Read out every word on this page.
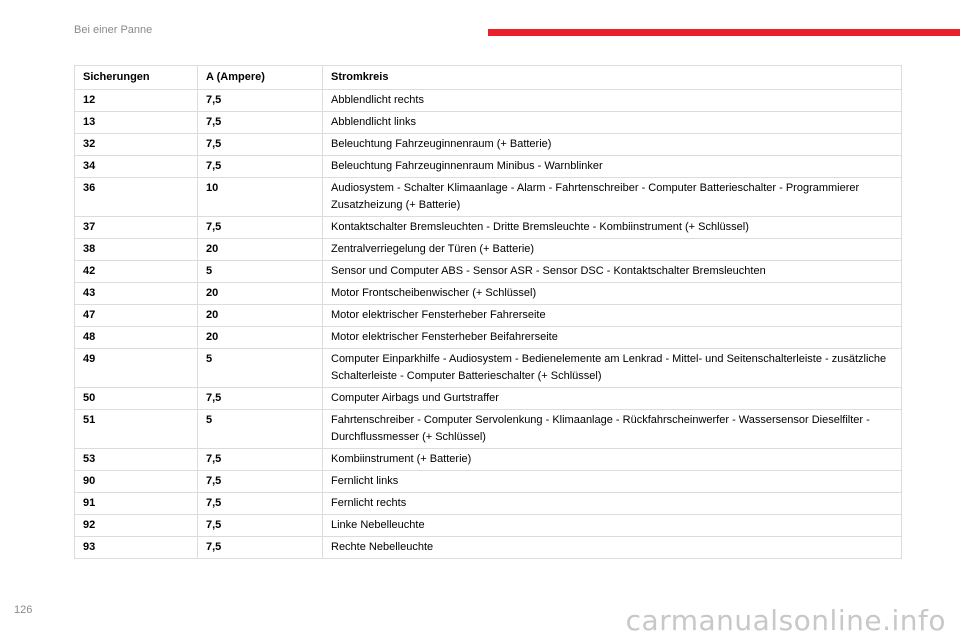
Bei einer Panne
Sicherungen	A (Ampere)	Stromkreis
12	7,5	Abblendlicht rechts
13	7,5	Abblendlicht links
32	7,5	Beleuchtung Fahrzeuginnenraum (+ Batterie)
34	7,5	Beleuchtung Fahrzeuginnenraum Minibus - Warnblinker
36	10	Audiosystem - Schalter Klimaanlage - Alarm - Fahrtenschreiber - Computer Batterieschalter - Programmierer Zusatzheizung (+ Batterie)
37	7,5	Kontaktschalter Bremsleuchten - Dritte Bremsleuchte - Kombiinstrument (+ Schlüssel)
38	20	Zentralverriegelung der Türen (+ Batterie)
42	5	Sensor und Computer ABS - Sensor ASR - Sensor DSC - Kontaktschalter Bremsleuchten
43	20	Motor Frontscheibenwischer (+ Schlüssel)
47	20	Motor elektrischer Fensterheber Fahrerseite
48	20	Motor elektrischer Fensterheber Beifahrerseite
49	5	Computer Einparkhilfe - Audiosystem - Bedienelemente am Lenkrad - Mittel- und Seitenschalterleiste - zusätzliche Schalterleiste - Computer Batterieschalter (+ Schlüssel)
50	7,5	Computer Airbags und Gurtstraffer
51	5	Fahrtenschreiber - Computer Servolenkung - Klimaanlage - Rückfahrscheinwerfer - Wassersensor Dieselfilter - Durchflussmesser (+ Schlüssel)
53	7,5	Kombiinstrument (+ Batterie)
90	7,5	Fernlicht links
91	7,5	Fernlicht rechts
92	7,5	Linke Nebelleuchte
93	7,5	Rechte Nebelleuchte
126	carmanualsonline.info
